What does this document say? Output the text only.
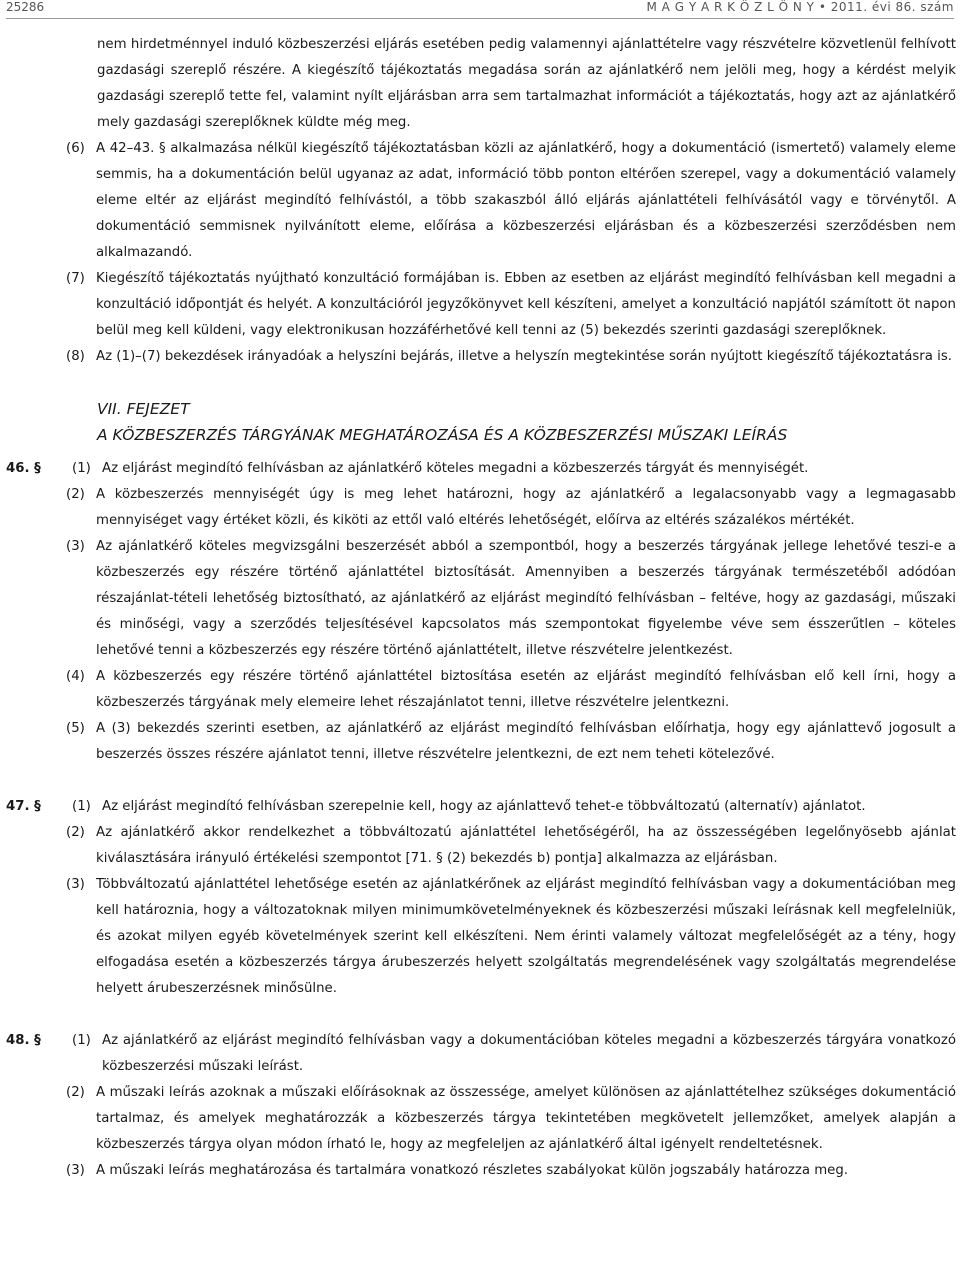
25286	M A G Y A R K Ö Z L Ö N Y • 2011. évi 86. szám

nem hirdetménnyel induló közbeszerzési eljárás esetében pedig valamennyi ajánlattételre vagy részvételre közvetlenül felhívott gazdasági szereplő részére. A kiegészítő tájékoztatás megadása során az ajánlatkérő nem jelöli meg, hogy a kérdést melyik gazdasági szereplő tette fel, valamint nyílt eljárásban arra sem tartalmazhat információt a tájékoztatás, hogy azt az ajánlatkérő mely gazdasági szereplőknek küldte még meg.

(6) A 42–43. § alkalmazása nélkül kiegészítő tájékoztatásban közli az ajánlatkérő, hogy a dokumentáció (ismertető) valamely eleme semmis, ha a dokumentáción belül ugyanaz az adat, információ több ponton eltérően szerepel, vagy a dokumentáció valamely eleme eltér az eljárást megindító felhívástól, a több szakaszból álló eljárás ajánlattételi felhívásától vagy e törvénytől. A dokumentáció semmisnek nyilvánított eleme, előírása a közbeszerzési eljárásban és a közbeszerzési szerződésben nem alkalmazandó.
(7) Kiegészítő tájékoztatás nyújtható konzultáció formájában is. Ebben az esetben az eljárást megindító felhívásban kell megadni a konzultáció időpontját és helyét. A konzultációról jegyzőkönyvet kell készíteni, amelyet a konzultáció napjától számított öt napon belül meg kell küldeni, vagy elektronikusan hozzáférhetővé kell tenni az (5) bekezdés szerinti gazdasági szereplőknek.
(8) Az (1)–(7) bekezdések irányadóak a helyszíni bejárás, illetve a helyszín megtekintése során nyújtott kiegészítő tájékoztatásra is.
VII. FEJEZET
A KÖZBESZERZÉS TÁRGYÁNAK MEGHATÁROZÁSA ÉS A KÖZBESZERZÉSI MŰSZAKI LEÍRÁS
46. §	(1) Az eljárást megindító felhívásban az ajánlatkérő köteles megadni a közbeszerzés tárgyát és mennyiségét.
(2) A közbeszerzés mennyiségét úgy is meg lehet határozni, hogy az ajánlatkérő a legalacsonyabb vagy a legmagasabb mennyiséget vagy értéket közli, és kiköti az ettől való eltérés lehetőségét, előírva az eltérés százalékos mértékét.
(3) Az ajánlatkérő köteles megvizsgálni beszerzését abból a szempontból, hogy a beszerzés tárgyának jellege lehetővé teszi-e a közbeszerzés egy részére történő ajánlattétel biztosítását. Amennyiben a beszerzés tárgyának természetéből adódóan részajánlat-tételi lehetőség biztosítható, az ajánlatkérő az eljárást megindító felhívásban – feltéve, hogy az gazdasági, műszaki és minőségi, vagy a szerződés teljesítésével kapcsolatos más szempontokat figyelembe véve sem ésszerűtlen – köteles lehetővé tenni a közbeszerzés egy részére történő ajánlattételt, illetve részvételre jelentkezést.
(4) A közbeszerzés egy részére történő ajánlattétel biztosítása esetén az eljárást megindító felhívásban elő kell írni, hogy a közbeszerzés tárgyának mely elemeire lehet részajánlatot tenni, illetve részvételre jelentkezni.
(5) A (3) bekezdés szerinti esetben, az ajánlatkérő az eljárást megindító felhívásban előírhatja, hogy egy ajánlattevő jogosult a beszerzés összes részére ajánlatot tenni, illetve részvételre jelentkezni, de ezt nem teheti kötelezővé.
47. §	(1) Az eljárást megindító felhívásban szerepelnie kell, hogy az ajánlattevő tehet-e többváltozatú (alternatív) ajánlatot.
(2) Az ajánlatkérő akkor rendelkezhet a többváltozatú ajánlattétel lehetőségéről, ha az összességében legelőnyösebb ajánlat kiválasztására irányuló értékelési szempontot [71. § (2) bekezdés b) pontja] alkalmazza az eljárásban.
(3) Többváltozatú ajánlattétel lehetősége esetén az ajánlatkérőnek az eljárást megindító felhívásban vagy a dokumentációban meg kell határoznia, hogy a változatoknak milyen minimumkövetelményeknek és közbeszerzési műszaki leírásnak kell megfelelniük, és azokat milyen egyéb követelmények szerint kell elkészíteni. Nem érinti valamely változat megfelelőségét az a tény, hogy elfogadása esetén a közbeszerzés tárgya árubeszerzés helyett szolgáltatás megrendelésének vagy szolgáltatás megrendelése helyett árubeszerzésnek minősülne.
48. §	(1) Az ajánlatkérő az eljárást megindító felhívásban vagy a dokumentációban köteles megadni a közbeszerzés tárgyára vonatkozó közbeszerzési műszaki leírást.
(2) A műszaki leírás azoknak a műszaki előírásoknak az összessége, amelyet különösen az ajánlattételhez szükséges dokumentáció tartalmaz, és amelyek meghatározzák a közbeszerzés tárgya tekintetében megkövetelt jellemzőket, amelyek alapján a közbeszerzés tárgya olyan módon írható le, hogy az megfeleljen az ajánlatkérő által igényelt rendeltetésnek.
(3) A műszaki leírás meghatározása és tartalmára vonatkozó részletes szabályokat külön jogszabály határozza meg.
